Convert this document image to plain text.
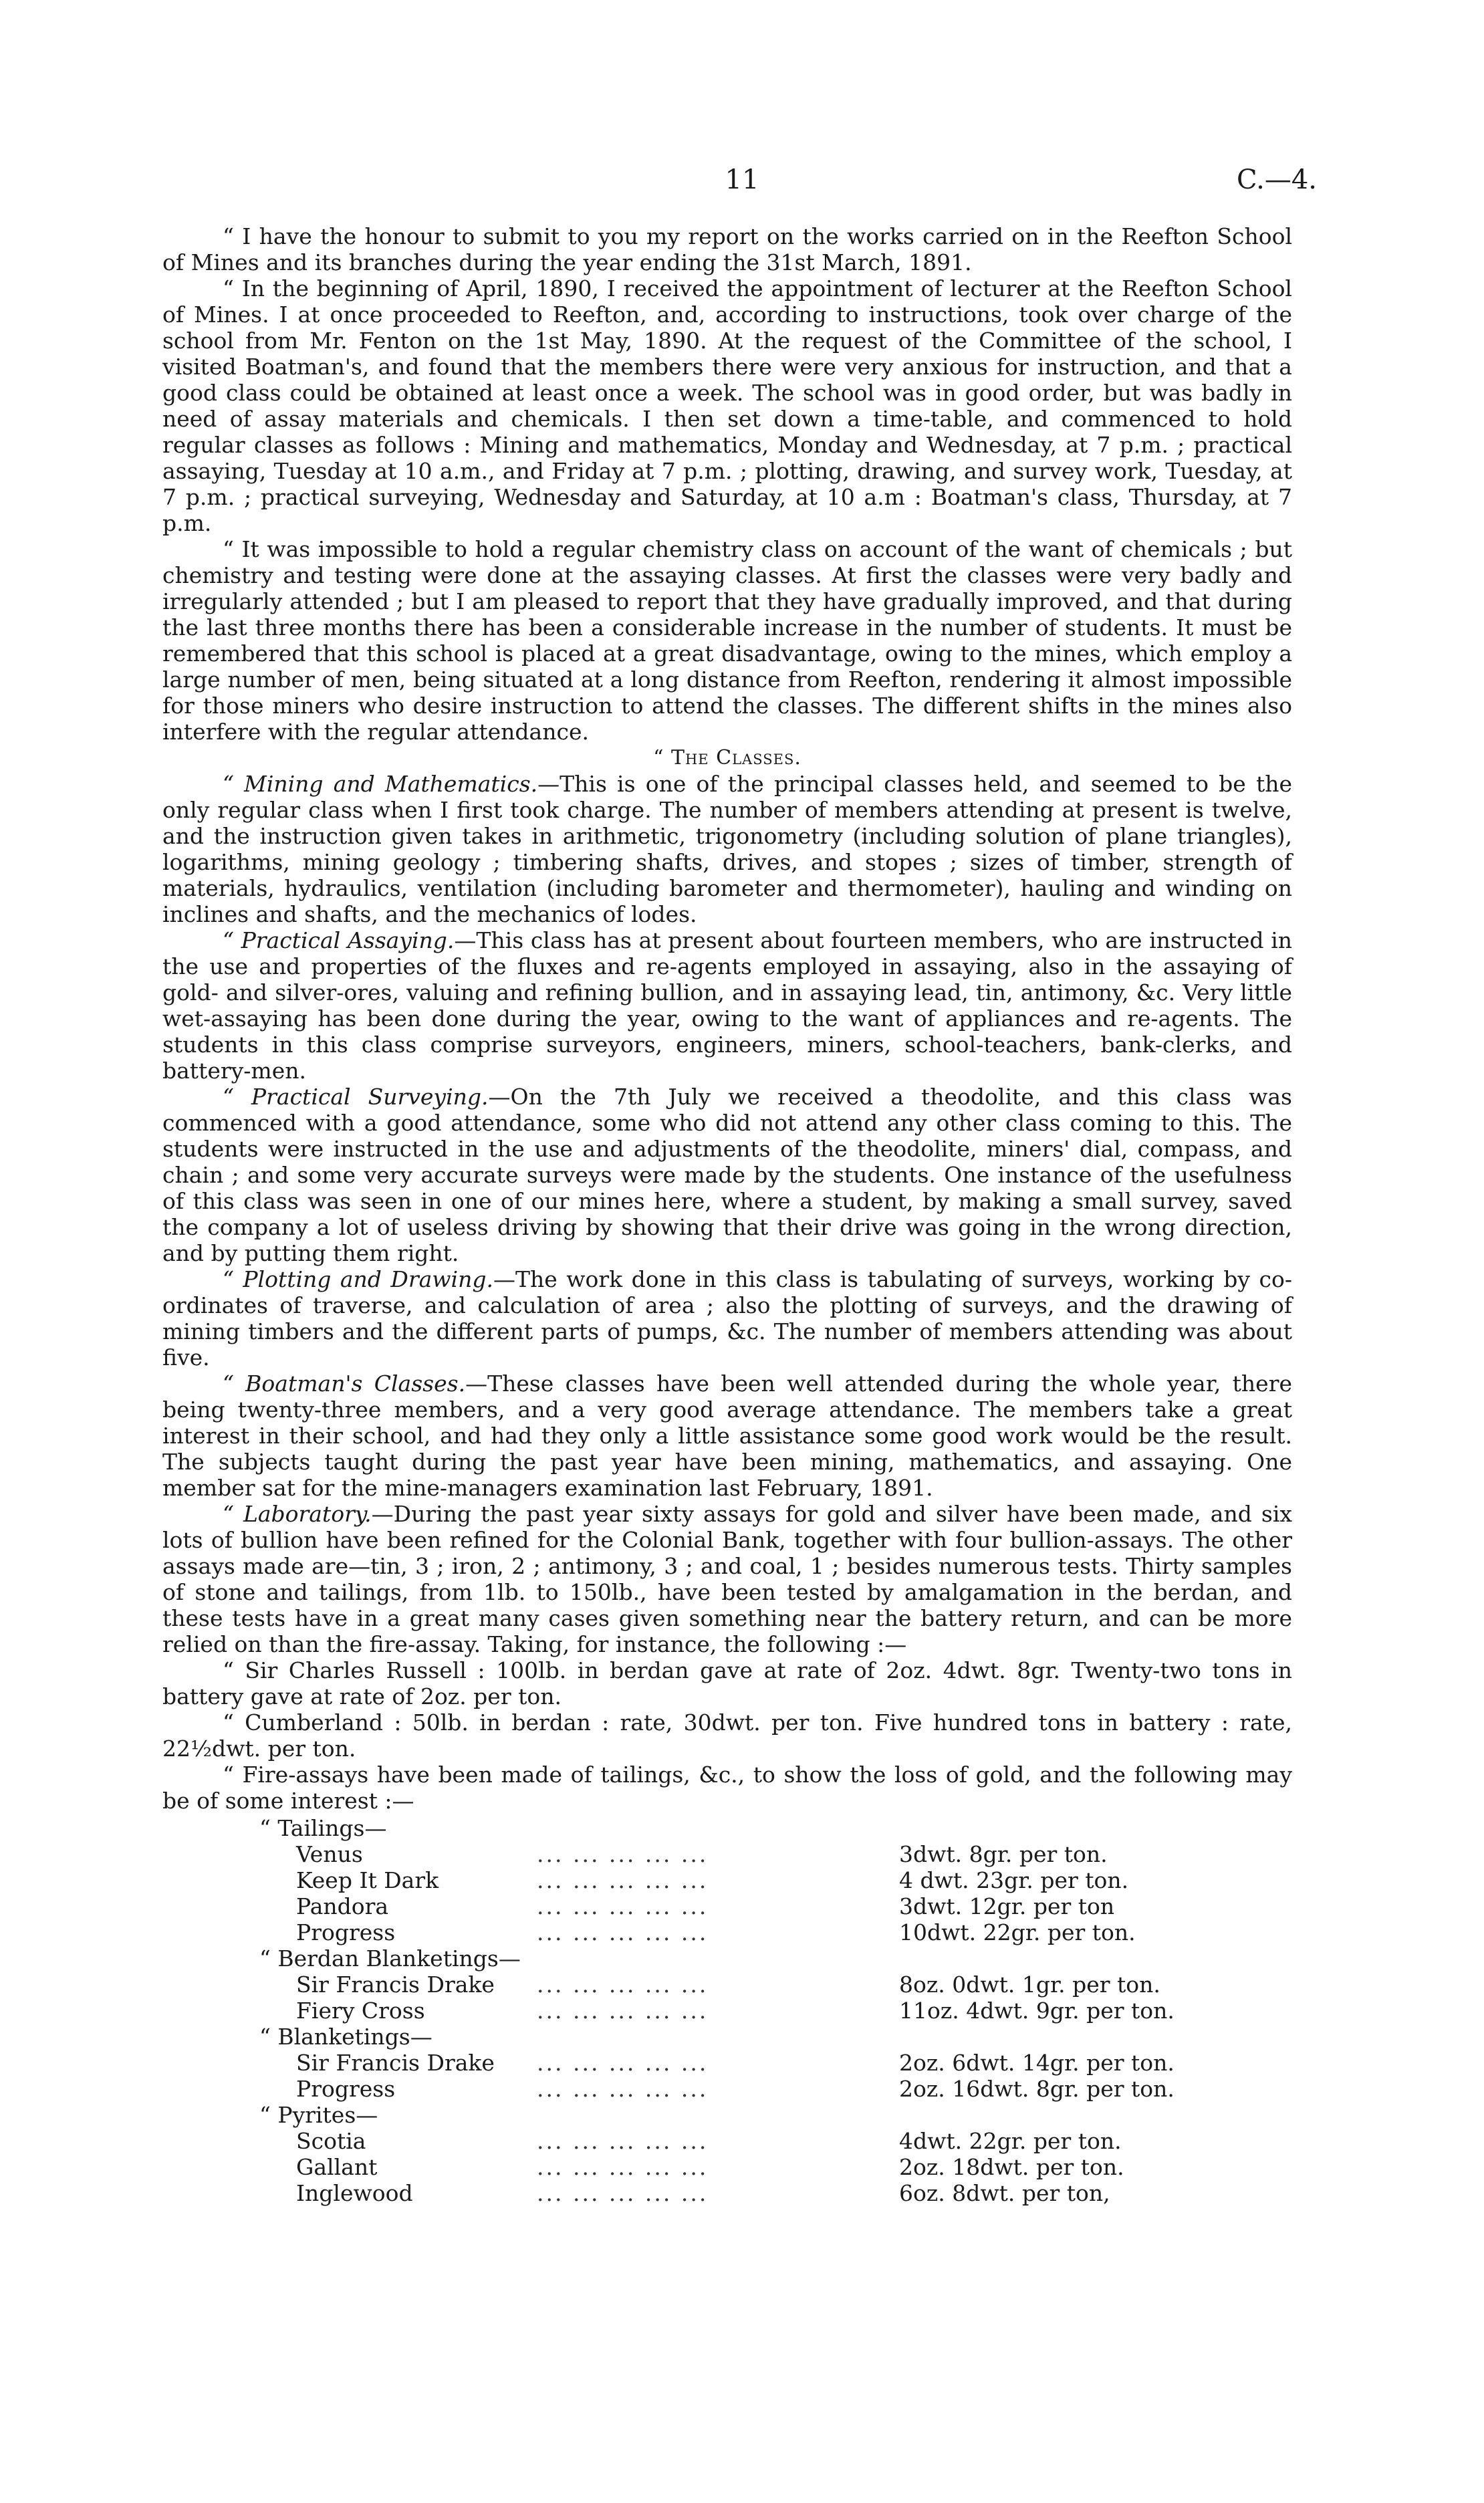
11	C.—4.

“ I have the honour to submit to you my report on the works carried on in the Reefton School of Mines and its branches during the year ending the 31st March, 1891.

“ In the beginning of April, 1890, I received the appointment of lecturer at the Reefton School of Mines. I at once proceeded to Reefton, and, according to instructions, took over charge of the school from Mr. Fenton on the 1st May, 1890. At the request of the Committee of the school, I visited Boatman's, and found that the members there were very anxious for instruction, and that a good class could be obtained at least once a week. The school was in good order, but was badly in need of assay materials and chemicals. I then set down a time-table, and commenced to hold regular classes as follows : Mining and mathematics, Monday and Wednesday, at 7 p.m. ; practical assaying, Tuesday at 10 a.m., and Friday at 7 p.m. ; plotting, drawing, and survey work, Tuesday, at 7 p.m. ; practical surveying, Wednesday and Saturday, at 10 a.m : Boatman's class, Thursday, at 7 p.m.

“ It was impossible to hold a regular chemistry class on account of the want of chemicals ; but chemistry and testing were done at the assaying classes. At first the classes were very badly and irregularly attended ; but I am pleased to report that they have gradually improved, and that during the last three months there has been a considerable increase in the number of students. It must be remembered that this school is placed at a great disadvantage, owing to the mines, which employ a large number of men, being situated at a long distance from Reefton, rendering it almost impossible for those miners who desire instruction to attend the classes. The different shifts in the mines also interfere with the regular attendance.

“ The Classes.

“ Mining and Mathematics.—This is one of the principal classes held, and seemed to be the only regular class when I first took charge. The number of members attending at present is twelve, and the instruction given takes in arithmetic, trigonometry (including solution of plane triangles), logarithms, mining geology ; timbering shafts, drives, and stopes ; sizes of timber, strength of materials, hydraulics, ventilation (including barometer and thermometer), hauling and winding on inclines and shafts, and the mechanics of lodes.

“ Practical Assaying.—This class has at present about fourteen members, who are instructed in the use and properties of the fluxes and re-agents employed in assaying, also in the assaying of gold- and silver-ores, valuing and refining bullion, and in assaying lead, tin, antimony, &c. Very little wet-assaying has been done during the year, owing to the want of appliances and re-agents. The students in this class comprise surveyors, engineers, miners, school-teachers, bank-clerks, and battery-men.

“ Practical Surveying.—On the 7th July we received a theodolite, and this class was commenced with a good attendance, some who did not attend any other class coming to this. The students were instructed in the use and adjustments of the theodolite, miners' dial, compass, and chain ; and some very accurate surveys were made by the students. One instance of the usefulness of this class was seen in one of our mines here, where a student, by making a small survey, saved the company a lot of useless driving by showing that their drive was going in the wrong direction, and by putting them right.

“ Plotting and Drawing.—The work done in this class is tabulating of surveys, working by co-ordinates of traverse, and calculation of area ; also the plotting of surveys, and the drawing of mining timbers and the different parts of pumps, &c. The number of members attending was about five.

“ Boatman's Classes.—These classes have been well attended during the whole year, there being twenty-three members, and a very good average attendance. The members take a great interest in their school, and had they only a little assistance some good work would be the result. The subjects taught during the past year have been mining, mathematics, and assaying. One member sat for the mine-managers examination last February, 1891.

“ Laboratory.—During the past year sixty assays for gold and silver have been made, and six lots of bullion have been refined for the Colonial Bank, together with four bullion-assays. The other assays made are—tin, 3 ; iron, 2 ; antimony, 3 ; and coal, 1 ; besides numerous tests. Thirty samples of stone and tailings, from 1lb. to 150lb., have been tested by amalgamation in the berdan, and these tests have in a great many cases given something near the battery return, and can be more relied on than the fire-assay. Taking, for instance, the following :—

“ Sir Charles Russell : 100lb. in berdan gave at rate of 2oz. 4dwt. 8gr. Twenty-two tons in battery gave at rate of 2oz. per ton.

“ Cumberland : 50lb. in berdan : rate, 30dwt. per ton. Five hundred tons in battery : rate, 22½dwt. per ton.

“ Fire-assays have been made of tailings, &c., to show the loss of gold, and the following may be of some interest :—

“ Tailings—
Venus	... ... ... ... ...	3dwt. 8gr. per ton.
Keep It Dark	... ... ... ... ...	4 dwt. 23gr. per ton.
Pandora	... ... ... ... ...	3dwt. 12gr. per ton
Progress	... ... ... ... ...	10dwt. 22gr. per ton.
“ Berdan Blanketings—
Sir Francis Drake	... ... ... ... ...	8oz. 0dwt. 1gr. per ton.
Fiery Cross	... ... ... ... ...	11oz. 4dwt. 9gr. per ton.
“ Blanketings—
Sir Francis Drake	... ... ... ... ...	2oz. 6dwt. 14gr. per ton.
Progress	... ... ... ... ...	2oz. 16dwt. 8gr. per ton.
“ Pyrites—
Scotia	... ... ... ... ...	4dwt. 22gr. per ton.
Gallant	... ... ... ... ...	2oz. 18dwt. per ton.
Inglewood	... ... ... ... ...	6oz. 8dwt. per ton,
